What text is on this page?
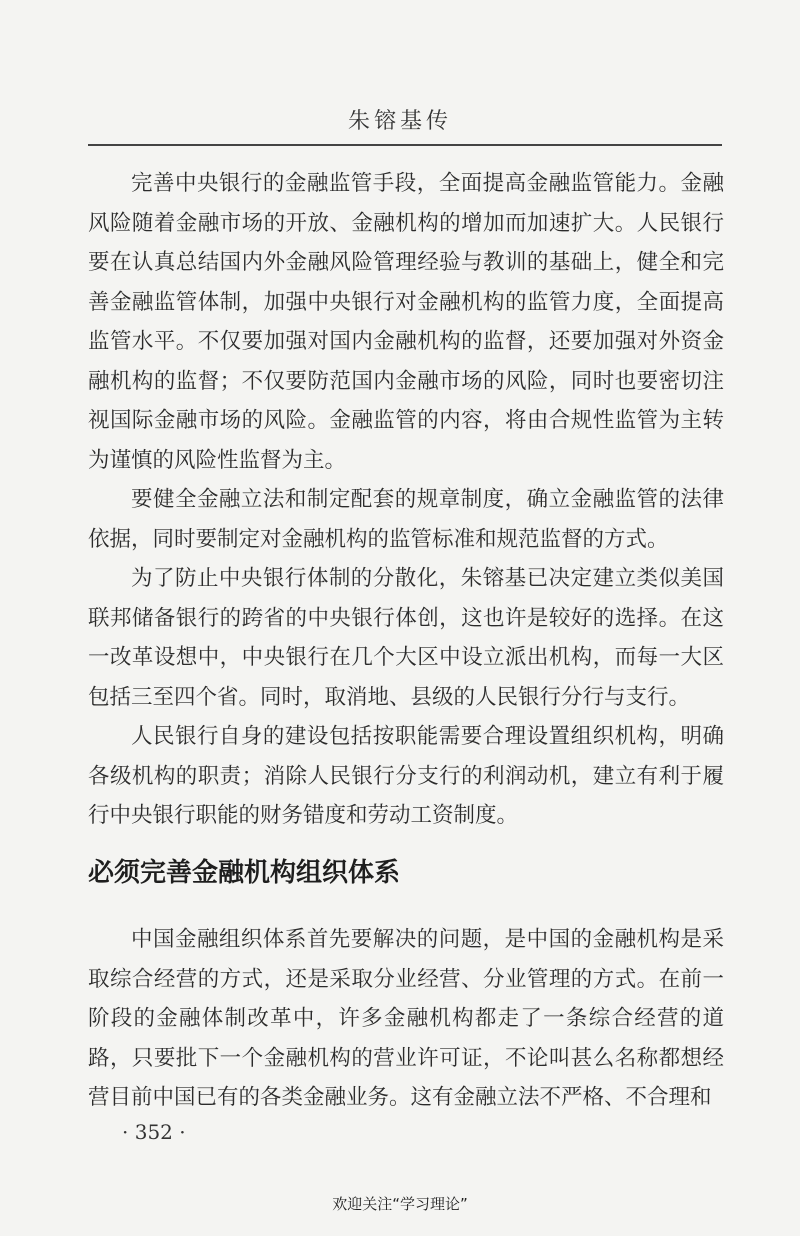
朱镕基传

完善中央银行的金融监管手段，全面提高金融监管能力。金融风险随着金融市场的开放、金融机构的增加而加速扩大。人民银行要在认真总结国内外金融风险管理经验与教训的基础上，健全和完善金融监管体制，加强中央银行对金融机构的监管力度，全面提高监管水平。不仅要加强对国内金融机构的监督，还要加强对外资金融机构的监督；不仅要防范国内金融市场的风险，同时也要密切注视国际金融市场的风险。金融监管的内容，将由合规性监管为主转为谨慎的风险性监督为主。

要健全金融立法和制定配套的规章制度，确立金融监管的法律依据，同时要制定对金融机构的监管标准和规范监督的方式。

为了防止中央银行体制的分散化，朱镕基已决定建立类似美国联邦储备银行的跨省的中央银行体创，这也许是较好的选择。在这一改革设想中，中央银行在几个大区中设立派出机构，而每一大区包括三至四个省。同时，取消地、县级的人民银行分行与支行。

人民银行自身的建设包括按职能需要合理设置组织机构，明确各级机构的职责；消除人民银行分支行的利润动机，建立有利于履行中央银行职能的财务错度和劳动工资制度。

必须完善金融机构组织体系

中国金融组织体系首先要解决的问题，是中国的金融机构是采取综合经营的方式，还是采取分业经营、分业管理的方式。在前一阶段的金融体制改革中，许多金融机构都走了一条综合经营的道路，只要批下一个金融机构的营业许可证，不论叫甚么名称都想经营目前中国已有的各类金融业务。这有金融立法不严格、不合理和

· 352 ·
欢迎关注“学习理论”
